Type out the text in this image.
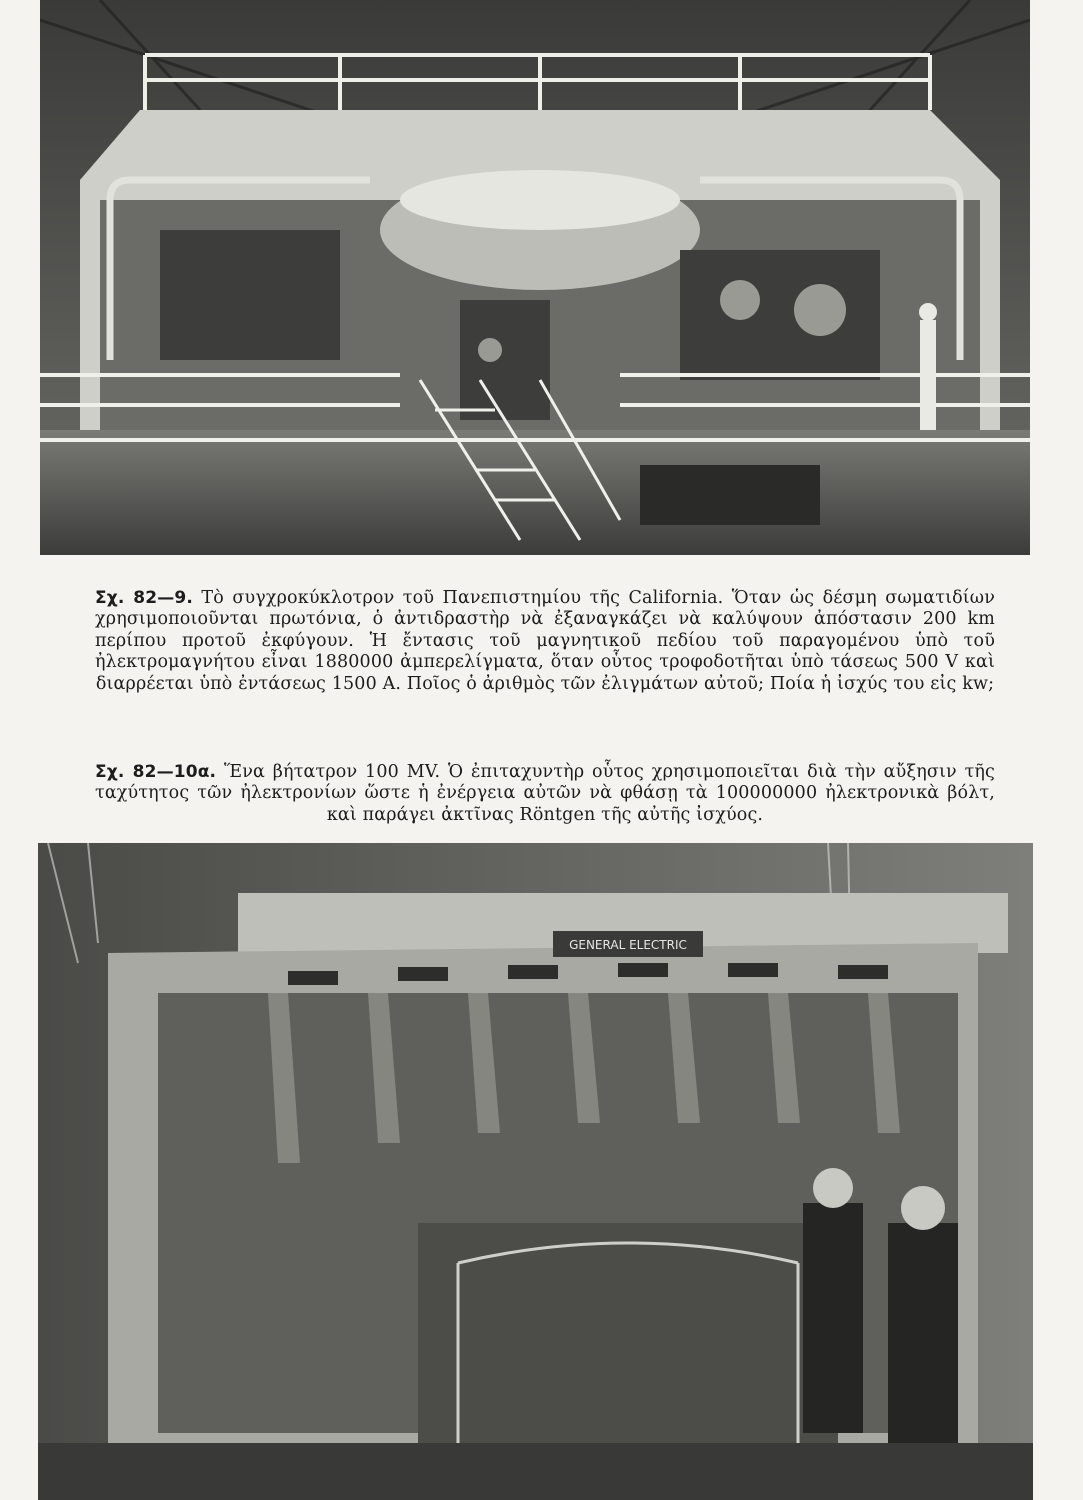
Σχ. 82—9. Τὸ συγχροκύκλοτρον τοῦ Πανεπιστημίου τῆς California. Ὅταν ὡς δέσμη σωματιδίων χρησιμοποιοῦνται πρωτόνια, ὁ ἀντιδραστὴρ νὰ ἐξαναγκάζει νὰ καλύψουν ἀπόστασιν 200 km περίπου προτοῦ ἐκφύγουν. Ἡ ἔντασις τοῦ μαγνητικοῦ πεδίου τοῦ παραγομένου ὑπὸ τοῦ ἠλεκτρομαγνήτου εἶναι 1880000 ἀμπερελίγματα, ὅταν οὗτος τροφοδοτῆται ὑπὸ τάσεως 500 V καὶ διαρρέεται ὑπὸ ἐντάσεως 1500 A. Ποῖος ὁ ἀριθμὸς τῶν ἐλιγμάτων αὐτοῦ; Ποία ἡ ἰσχύς του εἰς kw;

Σχ. 82—10α. Ἕνα βήτατρον 100 MV. Ὁ ἐπιταχυντὴρ οὗτος χρησιμοποιεῖται διὰ τὴν αὔξησιν τῆς ταχύτητος τῶν ἠλεκτρονίων ὥστε ἡ ἐνέργεια αὐτῶν νὰ φθάσῃ τὰ 100000000 ἠλεκτρονικὰ βόλτ, καὶ παράγει ἀκτῖνας Röntgen τῆς αὐτῆς ἰσχύος.

GENERAL ELECTRIC
